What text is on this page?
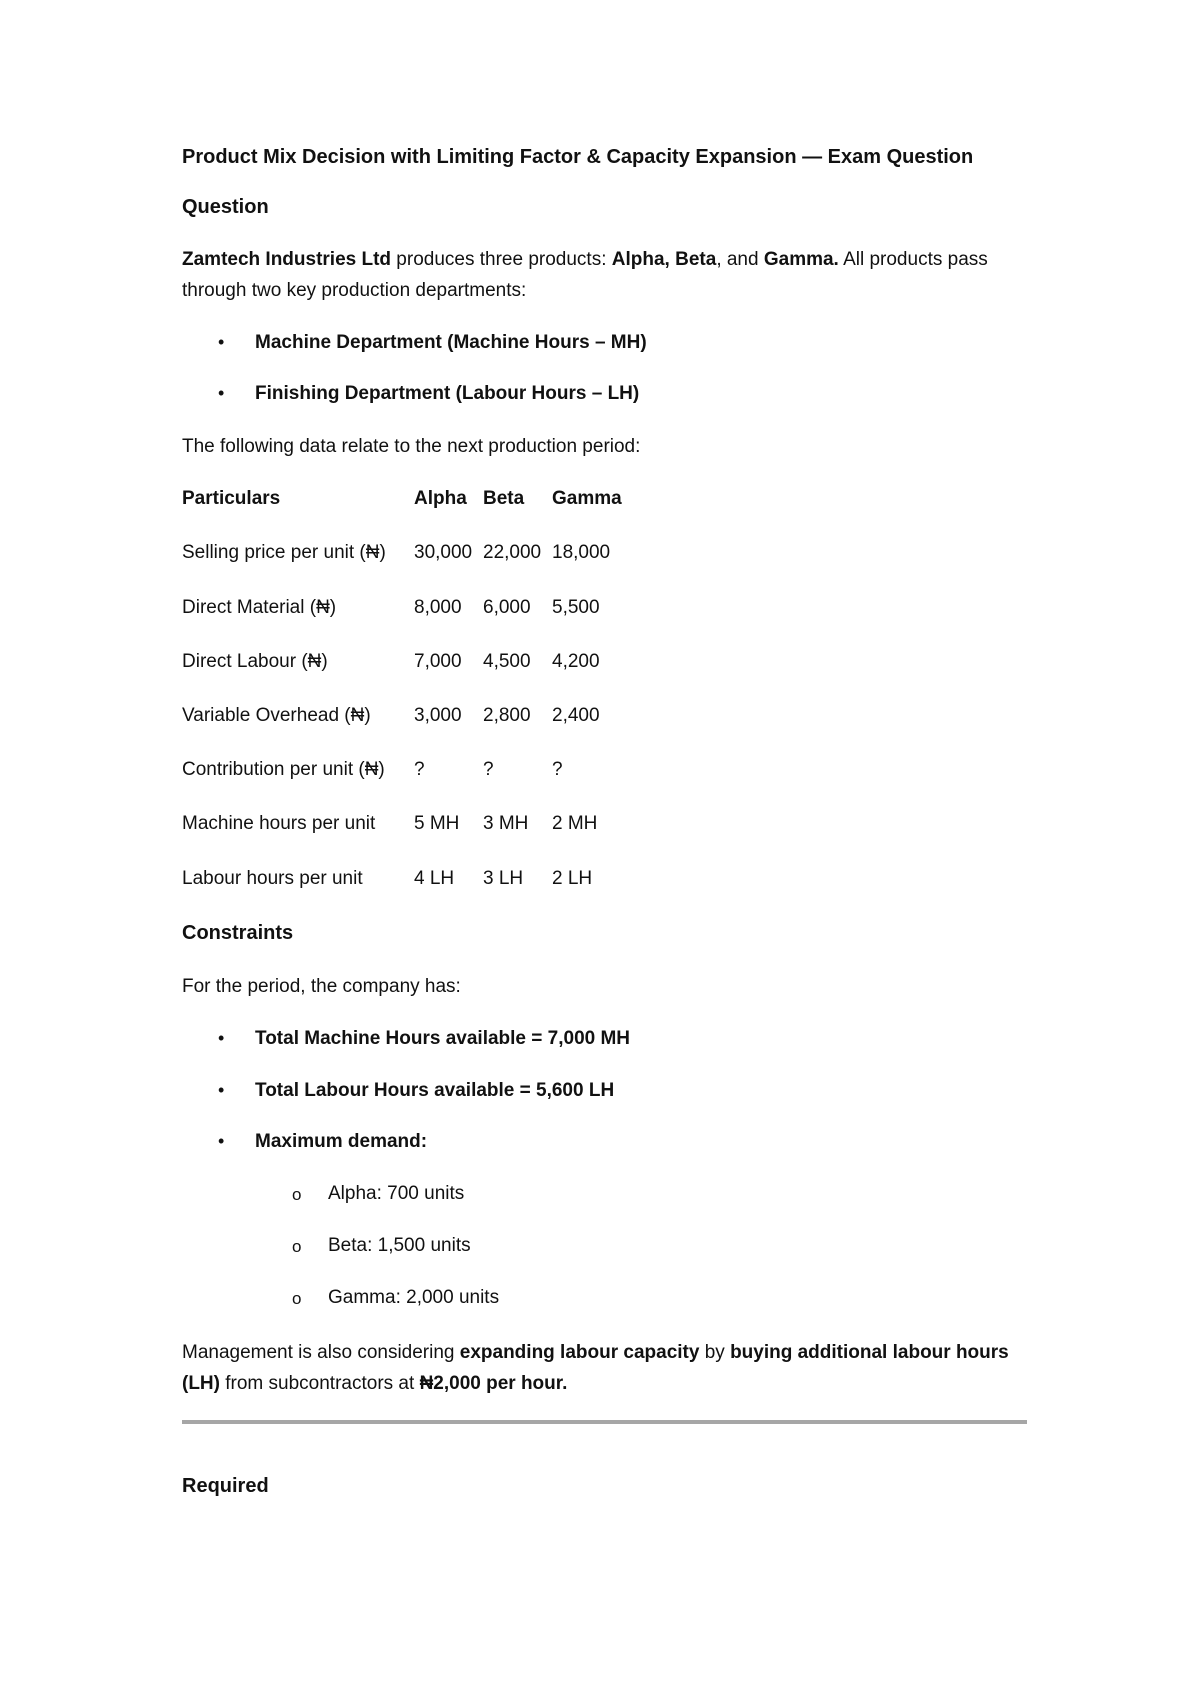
Product Mix Decision with Limiting Factor & Capacity Expansion — Exam Question
Question
Zamtech Industries Ltd produces three products: Alpha, Beta, and Gamma. All products pass through two key production departments:
• Machine Department (Machine Hours – MH)
• Finishing Department (Labour Hours – LH)
The following data relate to the next production period:
Particulars	Alpha Beta Gamma
Selling price per unit (₦) 30,000 22,000 18,000
Direct Material (₦)	8,000 6,000 5,500
Direct Labour (₦)	7,000 4,500 4,200
Variable Overhead (₦) 3,000 2,800 2,400
Contribution per unit (₦) ?	?	?
Machine hours per unit 5 MH 3 MH 2 MH
Labour hours per unit	4 LH 3 LH 2 LH
Constraints
For the period, the company has:
• Total Machine Hours available = 7,000 MH
• Total Labour Hours available = 5,600 LH
• Maximum demand:
o Alpha: 700 units
o Beta: 1,500 units
o Gamma: 2,000 units
Management is also considering expanding labour capacity by buying additional labour hours (LH) from subcontractors at ₦2,000 per hour.
Required
